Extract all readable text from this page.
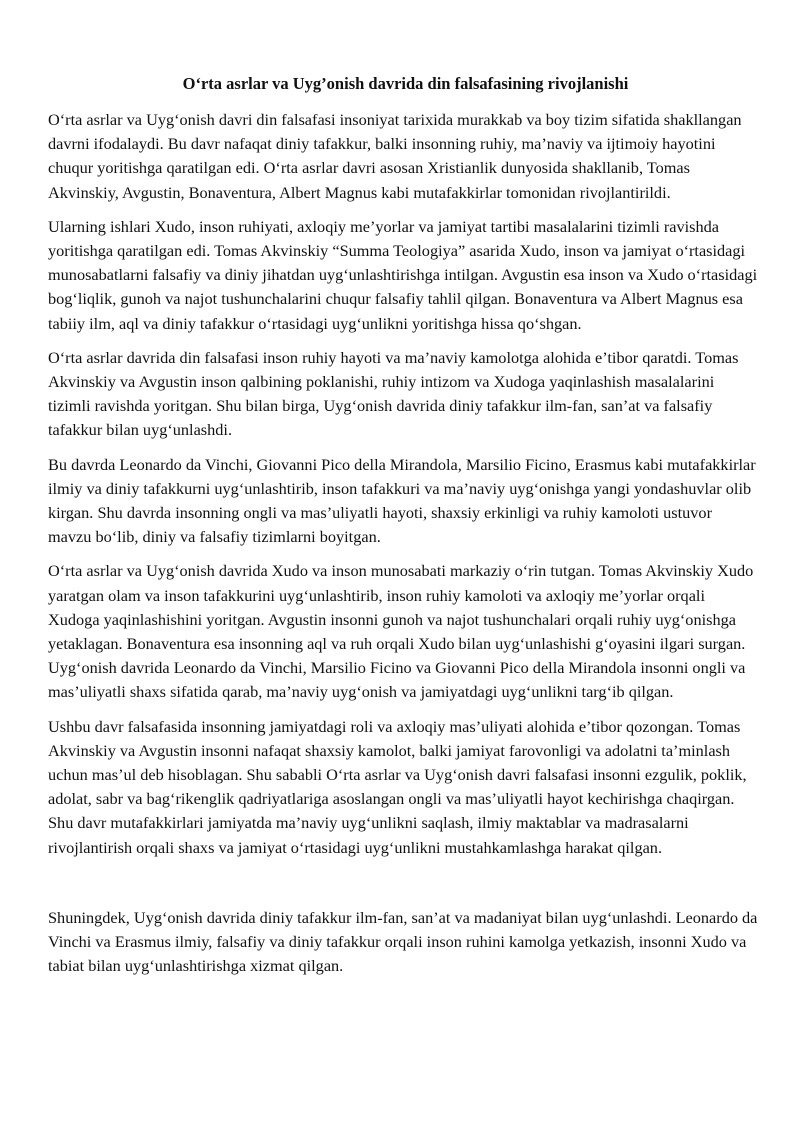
O‘rta asrlar va Uyg’onish davrida din falsafasining rivojlanishi

O‘rta asrlar va Uyg‘onish davri din falsafasi insoniyat tarixida murakkab va boy tizim sifatida shakllangan davrni ifodalaydi. Bu davr nafaqat diniy tafakkur, balki insonning ruhiy, ma’naviy va ijtimoiy hayotini chuqur yoritishga qaratilgan edi. O‘rta asrlar davri asosan Xristianlik dunyosida shakllanib, Tomas Akvinskiy, Avgustin, Bonaventura, Albert Magnus kabi mutafakkirlar tomonidan rivojlantirildi.

Ularning ishlari Xudo, inson ruhiyati, axloqiy me’yorlar va jamiyat tartibi masalalarini tizimli ravishda yoritishga qaratilgan edi. Tomas Akvinskiy “Summa Teologiya” asarida Xudo, inson va jamiyat o‘rtasidagi munosabatlarni falsafiy va diniy jihatdan uyg‘unlashtirishga intilgan. Avgustin esa inson va Xudo o‘rtasidagi bog‘liqlik, gunoh va najot tushunchalarini chuqur falsafiy tahlil qilgan. Bonaventura va Albert Magnus esa tabiiy ilm, aql va diniy tafakkur o‘rtasidagi uyg‘unlikni yoritishga hissa qo‘shgan.

O‘rta asrlar davrida din falsafasi inson ruhiy hayoti va ma’naviy kamolotga alohida e’tibor qaratdi. Tomas Akvinskiy va Avgustin inson qalbining poklanishi, ruhiy intizom va Xudoga yaqinlashish masalalarini tizimli ravishda yoritgan. Shu bilan birga, Uyg‘onish davrida diniy tafakkur ilm-fan, san’at va falsafiy tafakkur bilan uyg‘unlashdi.

Bu davrda Leonardo da Vinchi, Giovanni Pico della Mirandola, Marsilio Ficino, Erasmus kabi mutafakkirlar ilmiy va diniy tafakkurni uyg‘unlashtirib, inson tafakkuri va ma’naviy uyg‘onishga yangi yondashuvlar olib kirgan. Shu davrda insonning ongli va mas’uliyatli hayoti, shaxsiy erkinligi va ruhiy kamoloti ustuvor mavzu bo‘lib, diniy va falsafiy tizimlarni boyitgan.

O‘rta asrlar va Uyg‘onish davrida Xudo va inson munosabati markaziy o‘rin tutgan. Tomas Akvinskiy Xudo yaratgan olam va inson tafakkurini uyg‘unlashtirib, inson ruhiy kamoloti va axloqiy me’yorlar orqali Xudoga yaqinlashishini yoritgan. Avgustin insonni gunoh va najot tushunchalari orqali ruhiy uyg‘onishga yetaklagan. Bonaventura esa insonning aql va ruh orqali Xudo bilan uyg‘unlashishi g‘oyasini ilgari surgan. Uyg‘onish davrida Leonardo da Vinchi, Marsilio Ficino va Giovanni Pico della Mirandola insonni ongli va mas’uliyatli shaxs sifatida qarab, ma’naviy uyg‘onish va jamiyatdagi uyg‘unlikni targ‘ib qilgan.

Ushbu davr falsafasida insonning jamiyatdagi roli va axloqiy mas’uliyati alohida e’tibor qozongan. Tomas Akvinskiy va Avgustin insonni nafaqat shaxsiy kamolot, balki jamiyat farovonligi va adolatni ta’minlash uchun mas’ul deb hisoblagan. Shu sababli O‘rta asrlar va Uyg‘onish davri falsafasi insonni ezgulik, poklik, adolat, sabr va bag‘rikenglik qadriyatlariga asoslangan ongli va mas’uliyatli hayot kechirishga chaqirgan. Shu davr mutafakkirlari jamiyatda ma’naviy uyg‘unlikni saqlash, ilmiy maktablar va madrasalarni rivojlantirish orqali shaxs va jamiyat o‘rtasidagi uyg‘unlikni mustahkamlashga harakat qilgan.

Shuningdek, Uyg‘onish davrida diniy tafakkur ilm-fan, san’at va madaniyat bilan uyg‘unlashdi. Leonardo da Vinchi va Erasmus ilmiy, falsafiy va diniy tafakkur orqali inson ruhini kamolga yetkazish, insonni Xudo va tabiat bilan uyg‘unlashtirishga xizmat qilgan.
